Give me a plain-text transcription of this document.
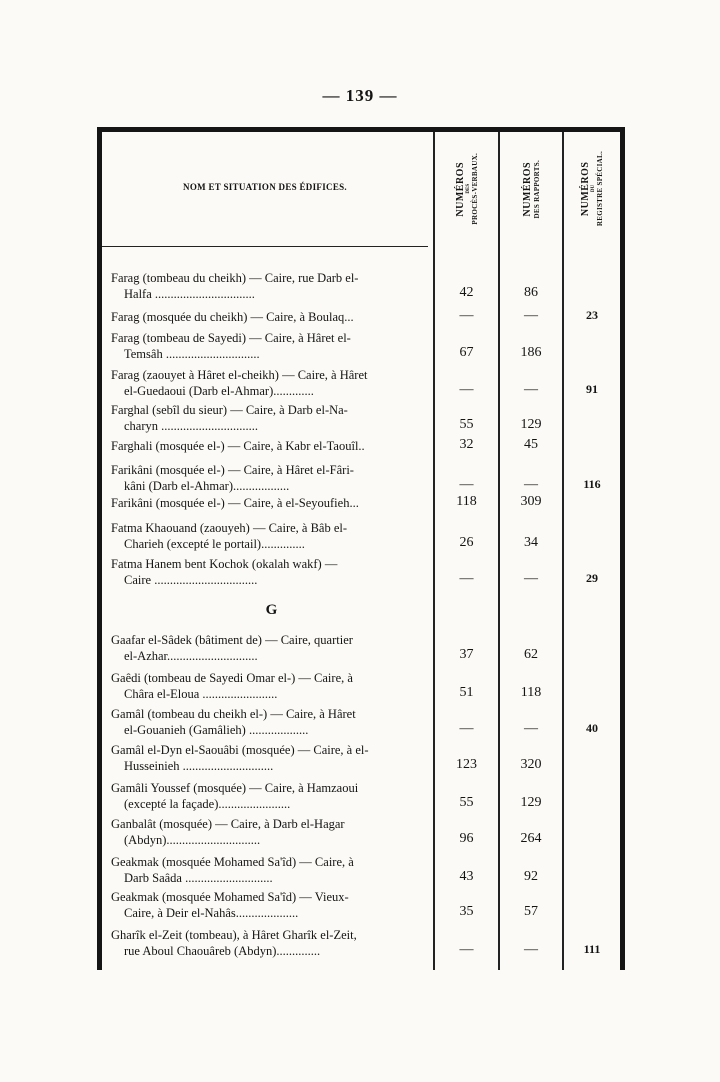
— 139 —
NOM ET SITUATION DES ÉDIFICES.	NUMÉROS DES PROCÈS-VERBAUX.	NUMÉROS DES RAPPORTS.	NUMÉROS DU REGISTRE SPÉCIAL.
Farag (tombeau du cheikh) — Caire, rue Darb el-
Halfa ................................	42	86
Farag (mosquée du cheikh) — Caire, à Boulaq...	—	—	23
Farag (tombeau de Sayedi) — Caire, à Hâret el-
Temsâh ..............................	67	186
Farag (zaouyet à Hâret el-cheikh) — Caire, à Hâret
el-Guedaoui (Darb el-Ahmar).............	—	—	91
Farghal (sebîl du sieur) — Caire, à Darb el-Na-
charyn ...............................	55	129
Farghali (mosquée el-) — Caire, à Kabr el-Taouîl..	32	45
Farikâni (mosquée el-) — Caire, à Hâret el-Fâri-
kâni (Darb el-Ahmar)..................	—	—	116
Farikâni (mosquée el-) — Caire, à el-Seyoufieh...	118	309
Fatma Khaouand (zaouyeh) — Caire, à Bâb el-
Charieh (excepté le portail)..............	26	34
Fatma Hanem bent Kochok (okalah wakf) —
Caire .................................	—	—	29
G
Gaafar el-Sâdek (bâtiment de) — Caire, quartier
el-Azhar.............................	37	62
Gaêdi (tombeau de Sayedi Omar el-) — Caire, à
Châra el-Eloua ........................	51	118
Gamâl (tombeau du cheikh el-) — Caire, à Hâret
el-Gouanieh (Gamâlieh) ...................	—	—	40
Gamâl el-Dyn el-Saouâbi (mosquée) — Caire, à el-
Husseinieh .............................	123	320
Gamâli Youssef (mosquée) — Caire, à Hamzaoui
(excepté la façade).......................	55	129
Ganbalât (mosquée) — Caire, à Darb el-Hagar
(Abdyn)..............................	96	264
Geakmak (mosquée Mohamed Sa'îd) — Caire, à
Darb Saâda ............................	43	92
Geakmak (mosquée Mohamed Sa'îd) — Vieux-
Caire, à Deir el-Nahâs....................	35	57
Gharîk el-Zeit (tombeau), à Hâret Gharîk el-Zeit,
rue Aboul Chaouâreb (Abdyn)..............	—	—	111
